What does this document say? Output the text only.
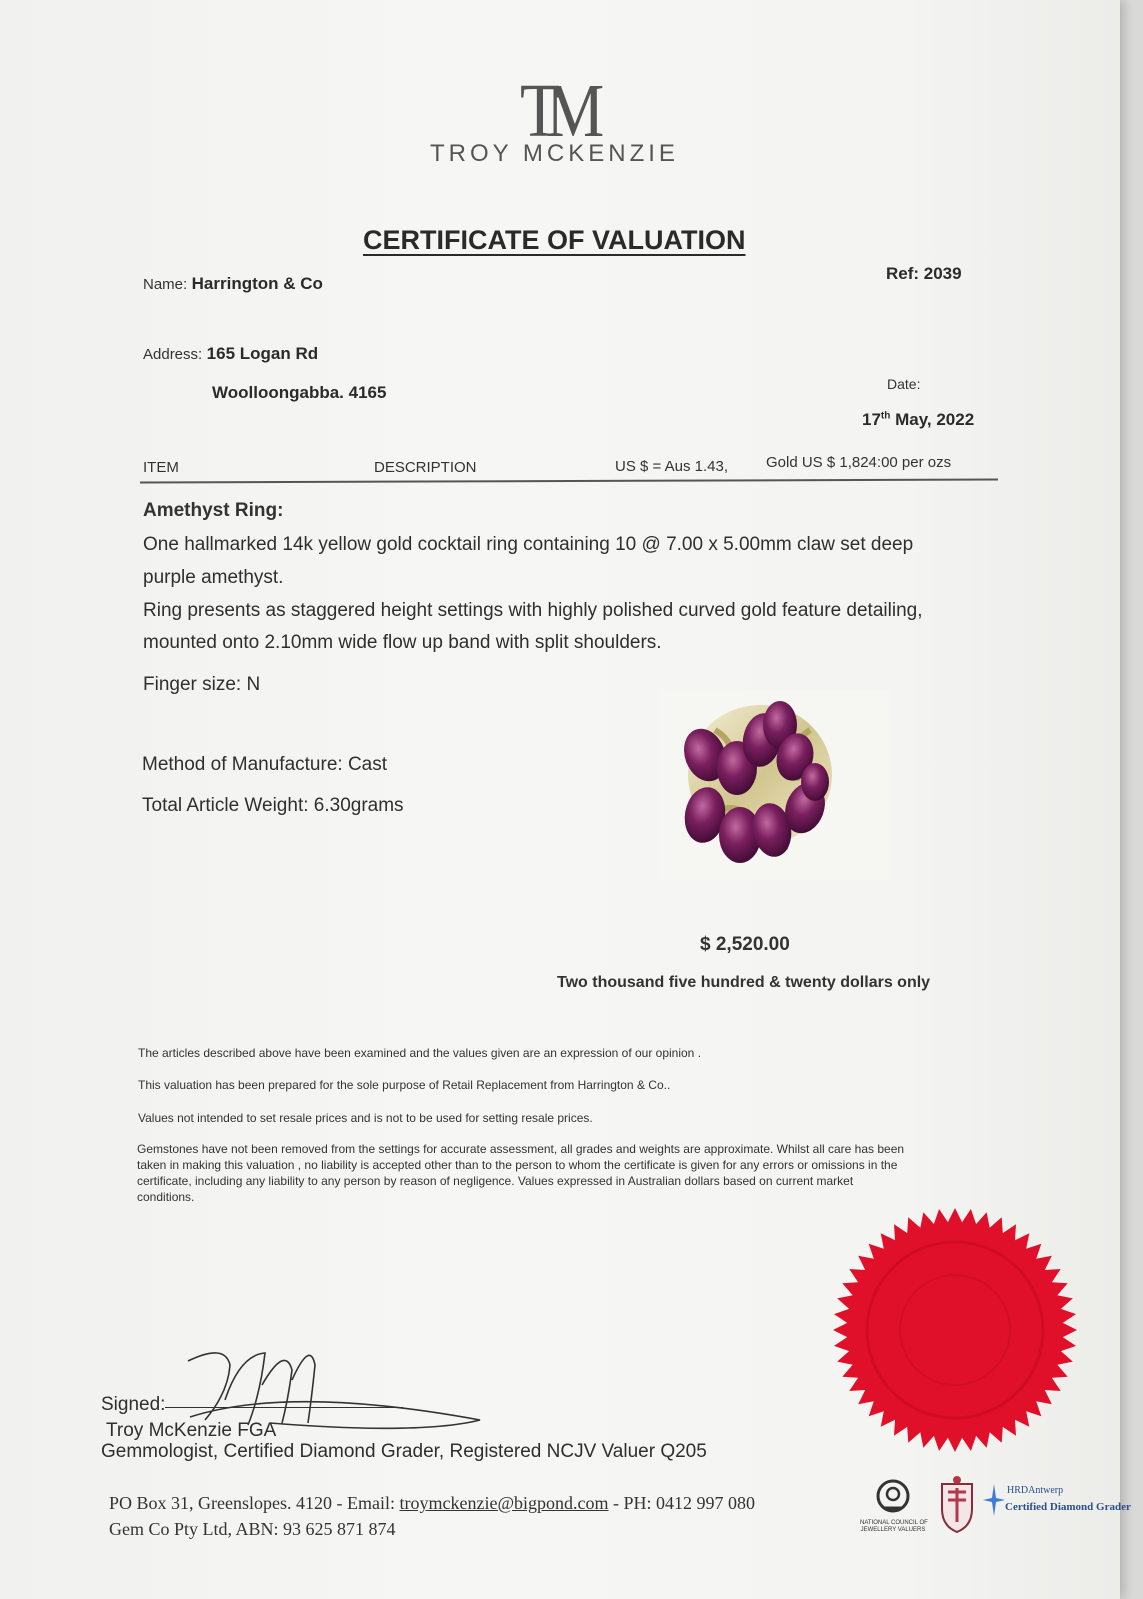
TM
TROY MCKENZIE
CERTIFICATE OF VALUATION
Name: Harrington & Co
Ref: 2039
Address: 165 Logan Rd
Woolloongabba. 4165	Date:
17th May, 2022
ITEM	DESCRIPTION	US $ = Aus 1.43,	Gold US $ 1,824:00 per ozs
Amethyst Ring:
One hallmarked 14k yellow gold cocktail ring containing 10 @ 7.00 x 5.00mm claw set deep
purple amethyst.
Ring presents as staggered height settings with highly polished curved gold feature detailing,
mounted onto 2.10mm wide flow up band with split shoulders.
Finger size: N
Method of Manufacture: Cast
Total Article Weight: 6.30grams
$ 2,520.00
Two thousand five hundred & twenty dollars only
The articles described above have been examined and the values given are an expression of our opinion .
This valuation has been prepared for the sole purpose of Retail Replacement from Harrington & Co..
Values not intended to set resale prices and is not to be used for setting resale prices.
Gemstones have not been removed from the settings for accurate assessment, all grades and weights are approximate. Whilst all care has been
taken in making this valuation , no liability is accepted other than to the person to whom the certificate is given for any errors or omissions in the
certificate, including any liability to any person by reason of negligence. Values expressed in Australian dollars based on current market
conditions.
Signed:
Troy McKenzie FGA
Gemmologist, Certified Diamond Grader, Registered NCJV Valuer Q205
PO Box 31, Greenslopes. 4120 - Email: troymckenzie@bigpond.com - PH: 0412 997 080
Gem Co Pty Ltd, ABN: 93 625 871 874	NATIONAL COUNCIL OF
JEWELLERY VALUERS
HRDAntwerp
Certified Diamond Grader
